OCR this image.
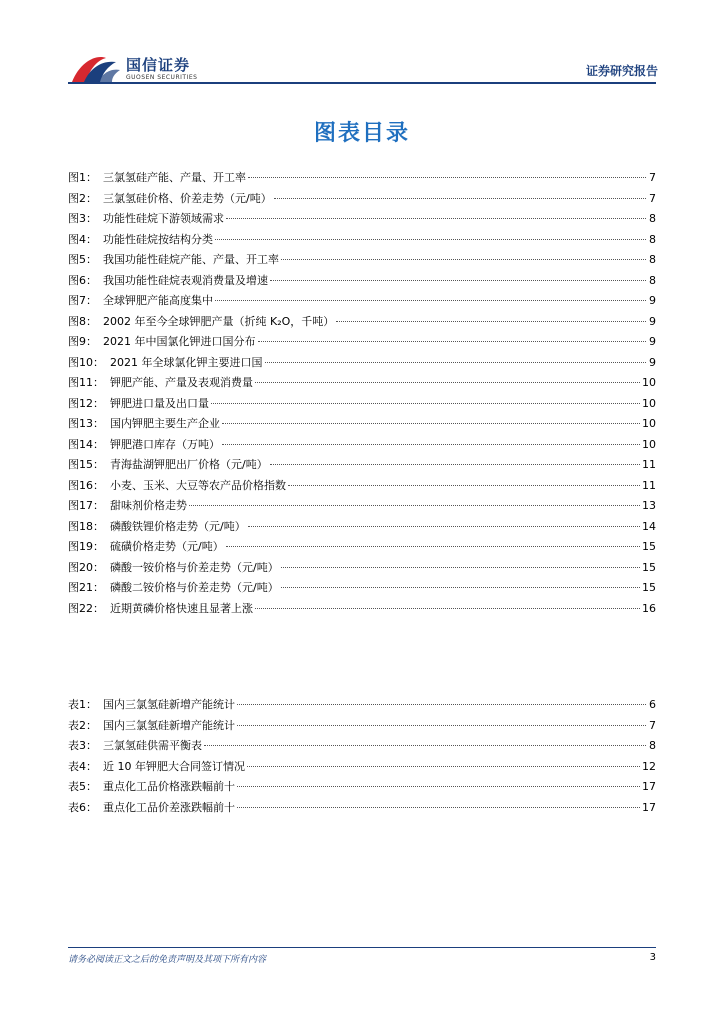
国信证券
GUOSEN SECURITIES	证券研究报告
图表目录
图1： 三氯氢硅产能、产量、开工率	7
图2： 三氯氢硅价格、价差走势（元/吨）	7
图3： 功能性硅烷下游领域需求	8
图4： 功能性硅烷按结构分类	8
图5： 我国功能性硅烷产能、产量、开工率	8
图6： 我国功能性硅烷表观消费量及增速	8
图7： 全球钾肥产能高度集中	9
图8： 2002 年至今全球钾肥产量（折纯 K₂O，千吨）	9
图9： 2021 年中国氯化钾进口国分布	9
图10： 2021 年全球氯化钾主要进口国	9
图11： 钾肥产能、产量及表观消费量	10
图12： 钾肥进口量及出口量	10
图13： 国内钾肥主要生产企业	10
图14： 钾肥港口库存（万吨）	10
图15： 青海盐湖钾肥出厂价格（元/吨）	11
图16： 小麦、玉米、大豆等农产品价格指数	11
图17： 甜味剂价格走势	13
图18： 磷酸铁锂价格走势（元/吨）	14
图19： 硫磺价格走势（元/吨）	15
图20： 磷酸一铵价格与价差走势（元/吨）	15
图21： 磷酸二铵价格与价差走势（元/吨）	15
图22： 近期黄磷价格快速且显著上涨	16
表1： 国内三氯氢硅新增产能统计	6
表2： 国内三氯氢硅新增产能统计	7
表3： 三氯氢硅供需平衡表	8
表4： 近 10 年钾肥大合同签订情况	12
表5： 重点化工品价格涨跌幅前十	17
表6： 重点化工品价差涨跌幅前十	17
请务必阅读正文之后的免责声明及其项下所有内容	3
